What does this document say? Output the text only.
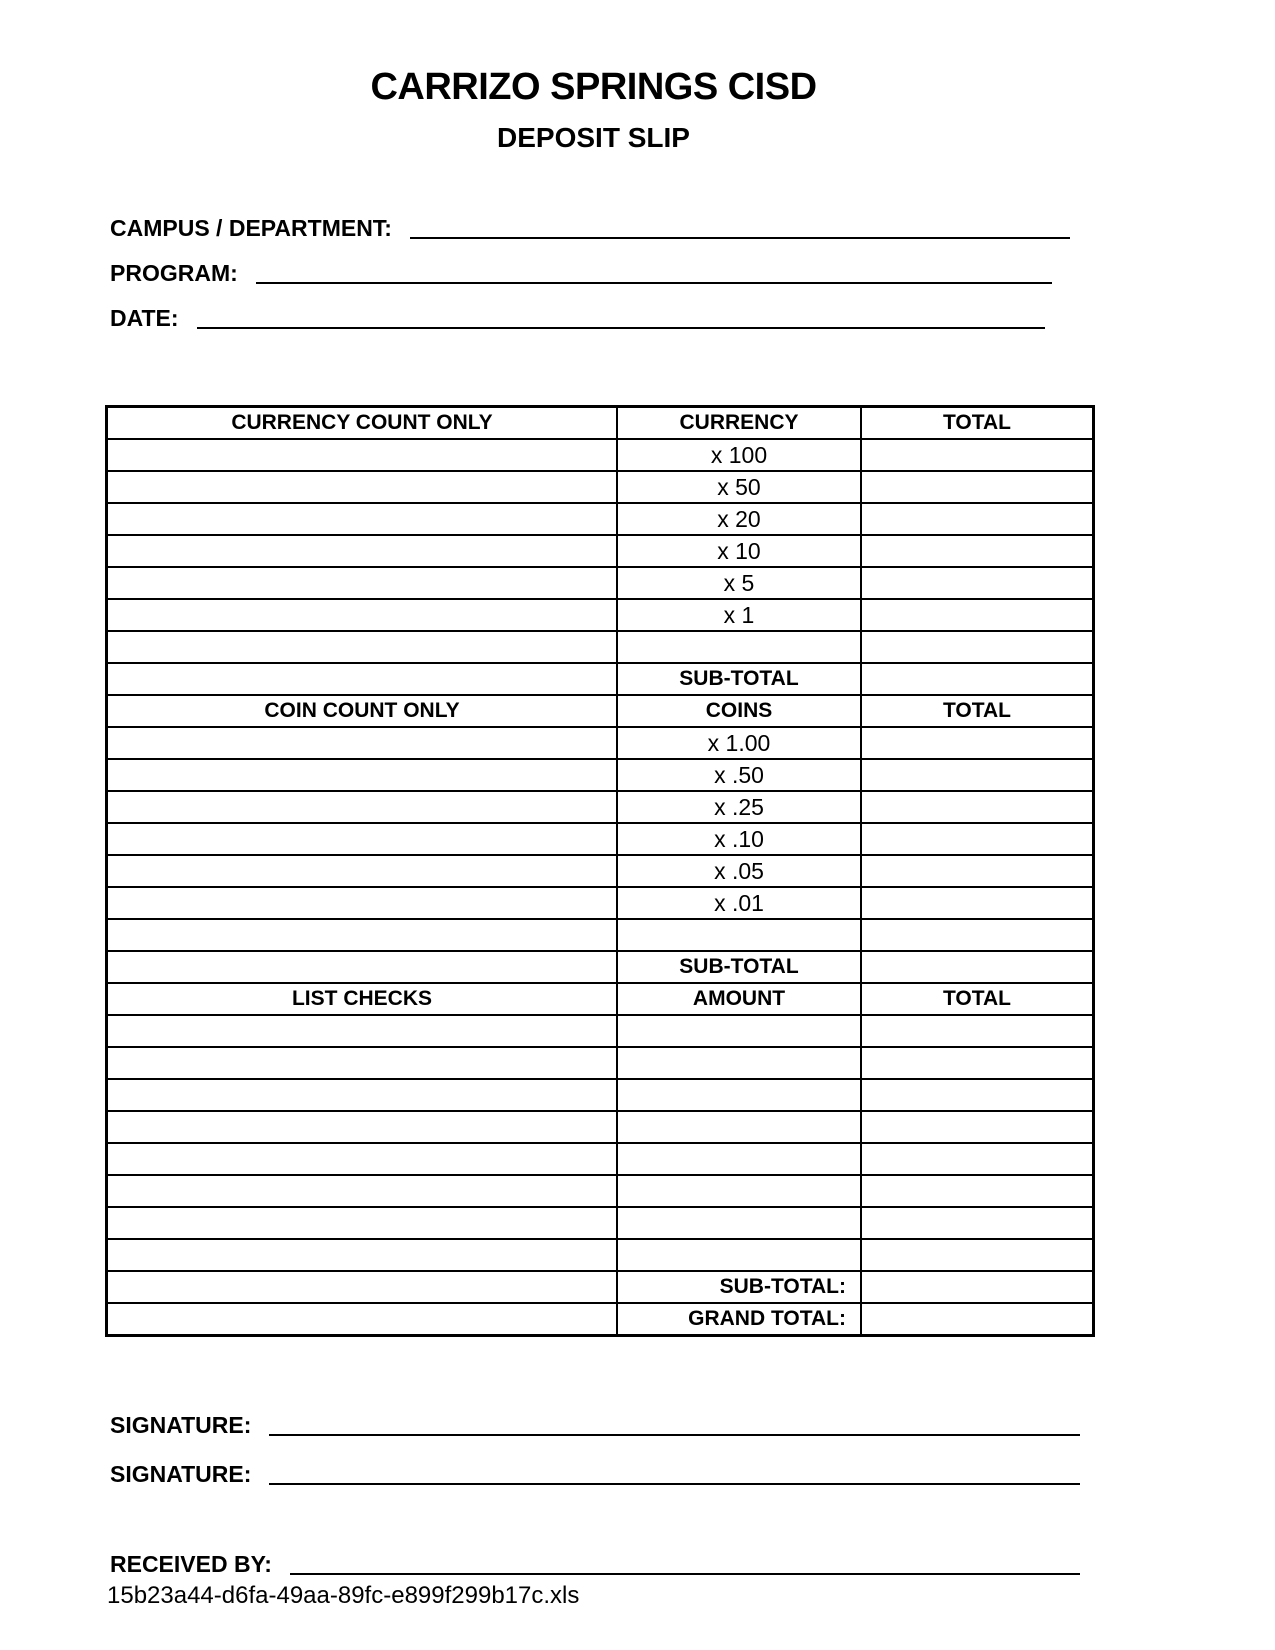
CARRIZO SPRINGS CISD
DEPOSIT SLIP
CAMPUS / DEPARTMENT:
PROGRAM:
DATE:
CURRENCY COUNT ONLY	CURRENCY	TOTAL
	x 100	
	x 50	
	x 20	
	x 10	
	x 5	
	x 1	

	SUB-TOTAL	
COIN COUNT ONLY	COINS	TOTAL
	x 1.00	
	x .50	
	x .25	
	x .10	
	x .05	
	x .01	

	SUB-TOTAL	
LIST CHECKS	AMOUNT	TOTAL

	SUB-TOTAL:	
	GRAND TOTAL:	
SIGNATURE:
SIGNATURE:
RECEIVED BY:
15b23a44-d6fa-49aa-89fc-e899f299b17c.xls
